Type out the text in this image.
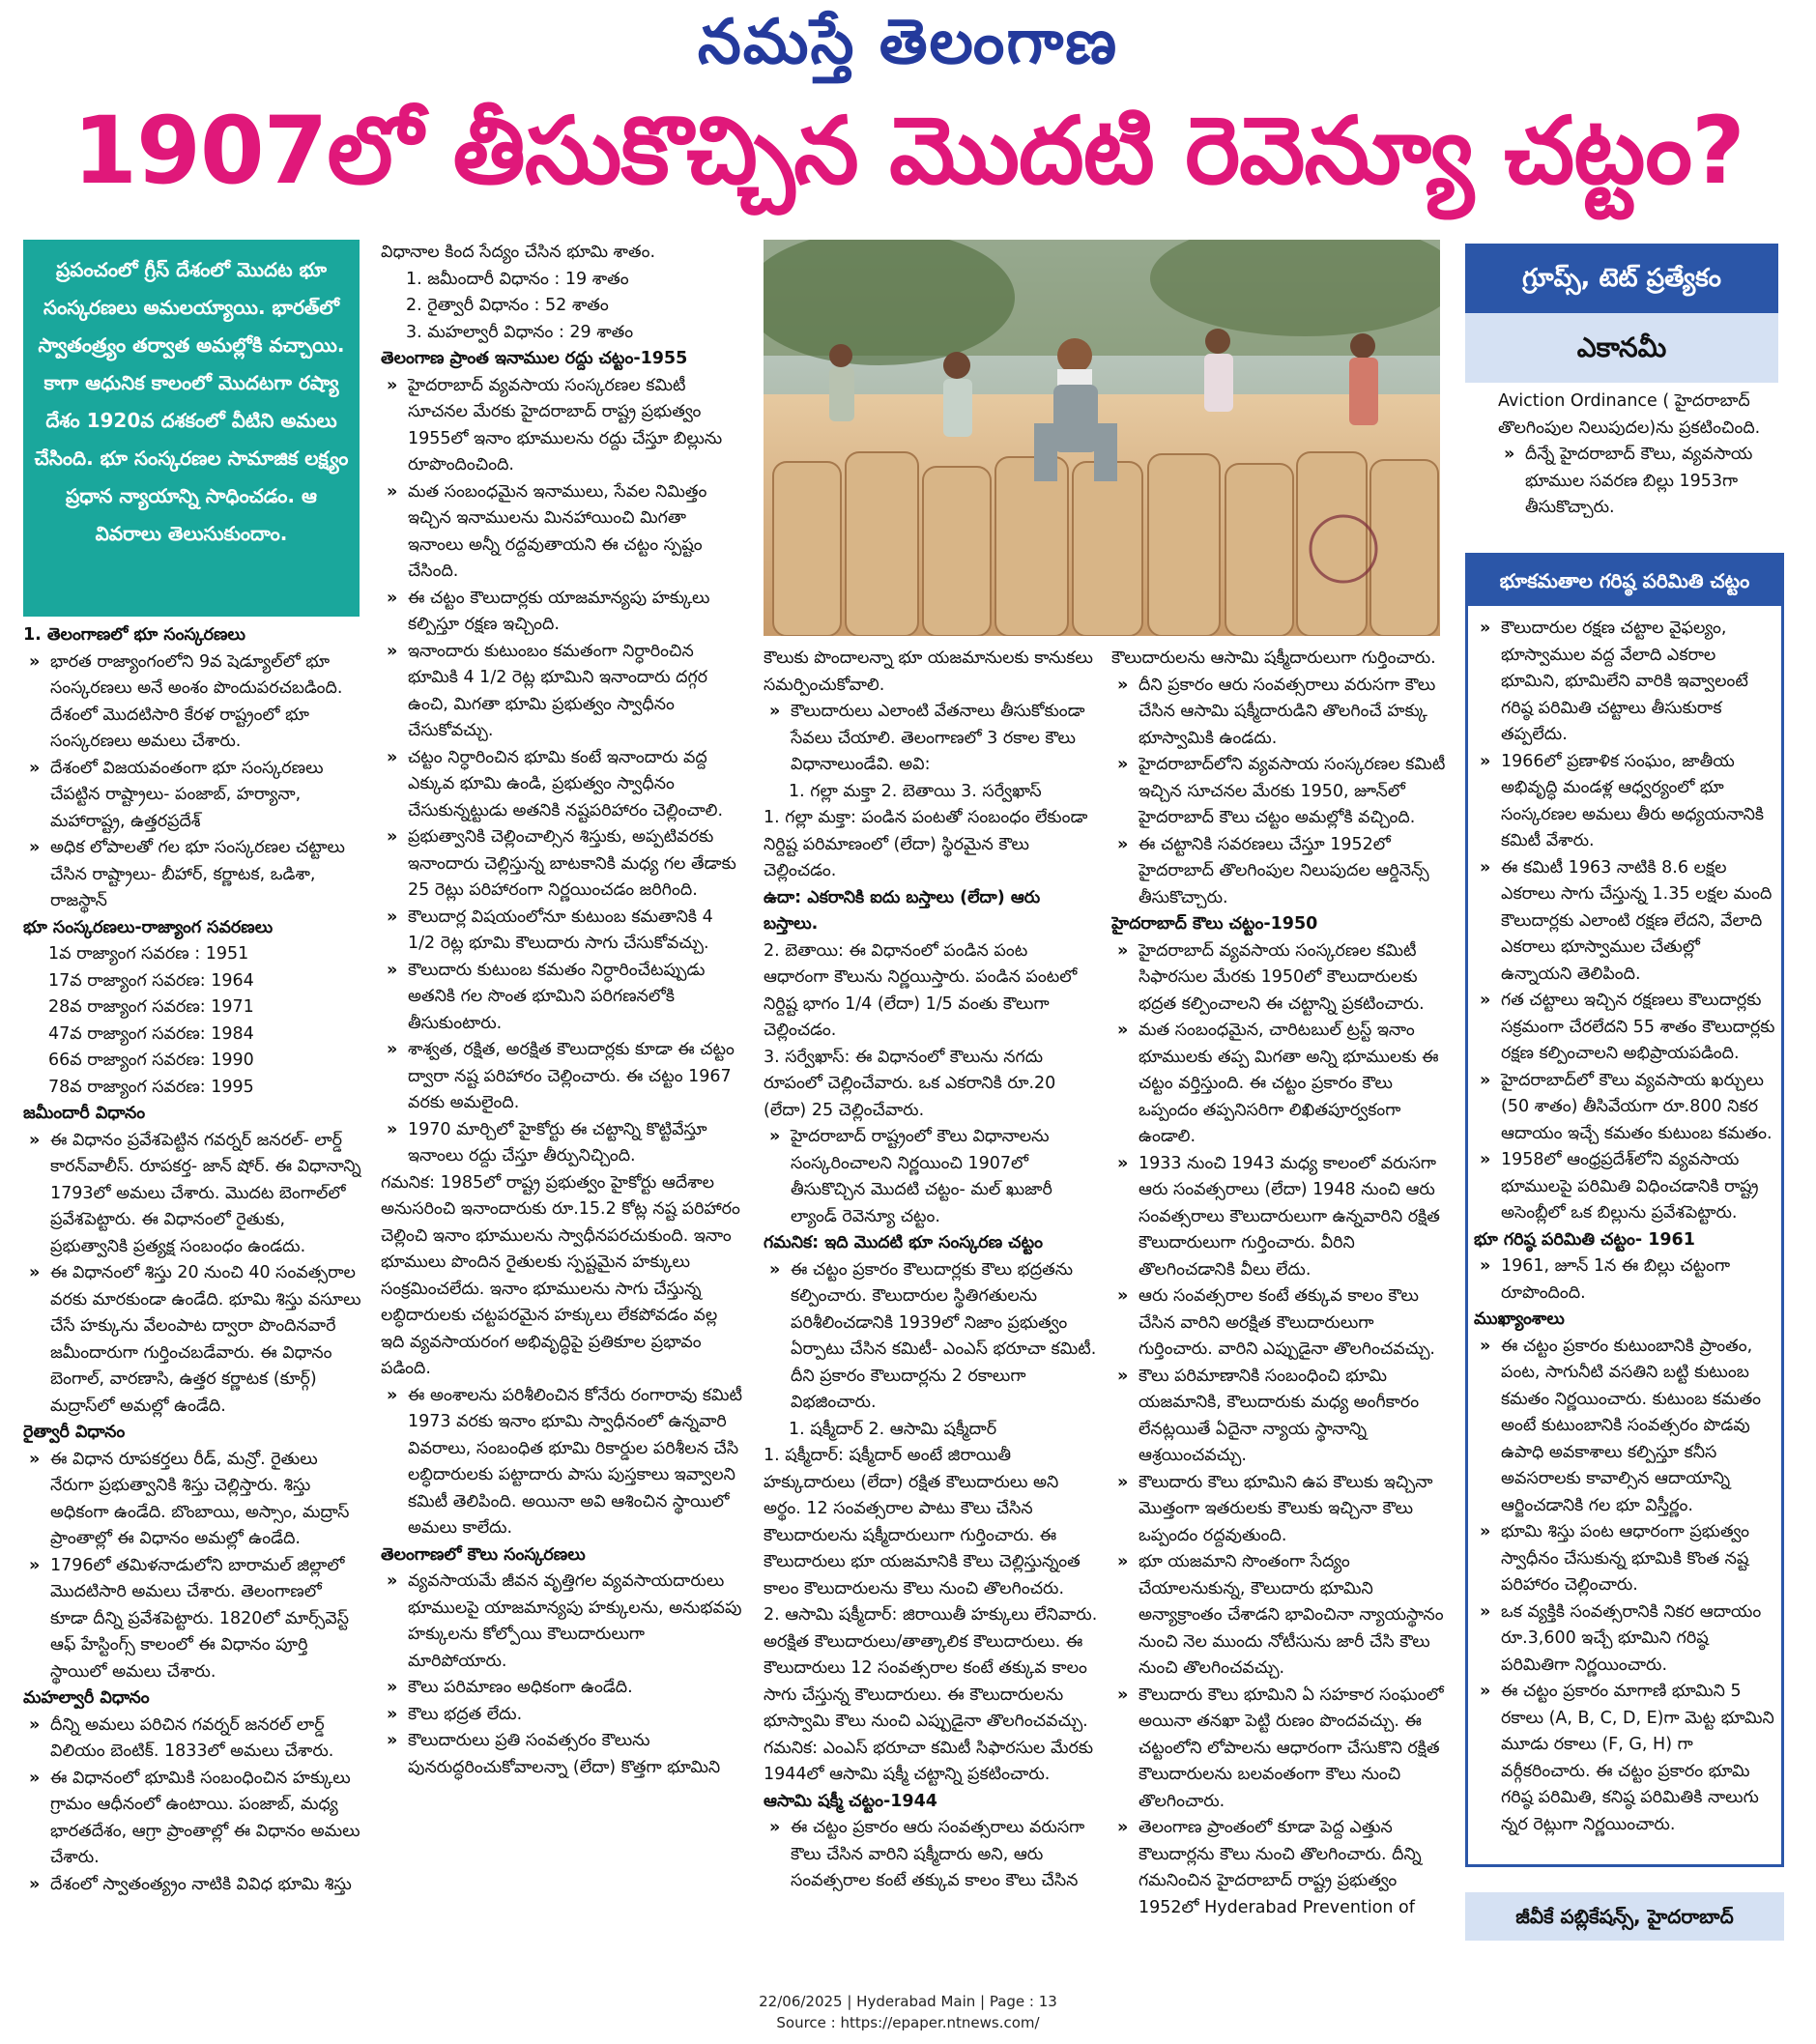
నమస్తే తెలంగాణ
1907లో తీసుకొచ్చిన మొదటి రెవెన్యూ చట్టం?
ప్రపంచంలో గ్రీస్ దేశంలో మొదట భూ సంస్కరణలు అమలయ్యాయి. భారత్‌లో స్వాతంత్ర్యం తర్వాత అమల్లోకి వచ్చాయి. కాగా ఆధునిక కాలంలో మొదటగా రష్యా దేశం 1920వ దశకంలో వీటిని అమలు చేసింది. భూ సంస్కరణల సామాజిక లక్ష్యం ప్రధాన న్యాయాన్ని సాధించడం. ఆ వివరాలు తెలుసుకుందాం.

1. తెలంగాణలో భూ సంస్కరణలు

» భారత రాజ్యాంగంలోని 9వ షెడ్యూల్‌లో భూ సంస్కరణలు అనే అంశం పొందుపరచబడింది. దేశంలో మొదటిసారి కేరళ రాష్ట్రంలో భూ సంస్కరణలు అమలు చేశారు.

» దేశంలో విజయవంతంగా భూ సంస్కరణలు చేపట్టిన రాష్ట్రాలు- పంజాబ్, హర్యానా, మహారాష్ట్ర, ఉత్తరప్రదేశ్

» అధిక లోపాలతో గల భూ సంస్కరణల చట్టాలు చేసిన రాష్ట్రాలు- బీహార్, కర్ణాటక, ఒడిశా, రాజస్థాన్

భూ సంస్కరణలు-రాజ్యాంగ సవరణలు

1వ రాజ్యాంగ సవరణ : 1951

17వ రాజ్యాంగ సవరణ: 1964

28వ రాజ్యాంగ సవరణ: 1971

47వ రాజ్యాంగ సవరణ: 1984

66వ రాజ్యాంగ సవరణ: 1990

78వ రాజ్యాంగ సవరణ: 1995

జమీందారీ విధానం

» ఈ విధానం ప్రవేశపెట్టిన గవర్నర్ జనరల్- లార్డ్ కారన్‌వాలీస్. రూపకర్త- జాన్ షోర్. ఈ విధానాన్ని 1793లో అమలు చేశారు. మొదట బెంగాల్‌లో ప్రవేశపెట్టారు. ఈ విధానంలో రైతుకు, ప్రభుత్వానికి ప్రత్యక్ష సంబంధం ఉండదు.

» ఈ విధానంలో శిస్తు 20 నుంచి 40 సంవత్సరాల వరకు మారకుండా ఉండేది. భూమి శిస్తు వసూలు చేసే హక్కును వేలంపాట ద్వారా పొందినవారే జమీందారుగా గుర్తించబడేవారు. ఈ విధానం బెంగాల్, వారణాసి, ఉత్తర కర్ణాటక (కూర్గ్) మద్రాస్‌లో అమల్లో ఉండేది.

రైత్వారీ విధానం

» ఈ విధాన రూపకర్తలు రీడ్, మన్రో. రైతులు నేరుగా ప్రభుత్వానికి శిస్తు చెల్లిస్తారు. శిస్తు అధికంగా ఉండేది. బొంబాయి, అస్సాం, మద్రాస్ ప్రాంతాల్లో ఈ విధానం అమల్లో ఉండేది.

» 1796లో తమిళనాడులోని బారామల్ జిల్లాలో మొదటిసారి అమలు చేశారు. తెలంగాణలో కూడా దీన్ని ప్రవేశపెట్టారు. 1820లో మార్స్‌వెస్ట్ ఆఫ్ హేస్టింగ్స్ కాలంలో ఈ విధానం పూర్తి స్థాయిలో అమలు చేశారు.

మహల్వారీ విధానం

» దీన్ని అమలు పరిచిన గవర్నర్ జనరల్ లార్డ్ విలియం బెంటిక్. 1833లో అమలు చేశారు.

» ఈ విధానంలో భూమికి సంబంధించిన హక్కులు గ్రామం ఆధీనంలో ఉంటాయి. పంజాబ్, మధ్య భారతదేశం, ఆగ్రా ప్రాంతాల్లో ఈ విధానం అమలు చేశారు.

» దేశంలో స్వాతంత్య్రం నాటికి వివిధ భూమి శిస్తు

విధానాల కింద సేద్యం చేసిన భూమి శాతం.

1. జమీందారీ విధానం : 19 శాతం

2. రైత్వారీ విధానం : 52 శాతం

3. మహల్వారీ విధానం : 29 శాతం

తెలంగాణ ప్రాంత ఇనాముల రద్దు చట్టం-1955

» హైదరాబాద్ వ్యవసాయ సంస్కరణల కమిటీ సూచనల మేరకు హైదరాబాద్ రాష్ట్ర ప్రభుత్వం 1955లో ఇనాం భూములను రద్దు చేస్తూ బిల్లును రూపొందించింది.

» మత సంబంధమైన ఇనాములు, సేవల నిమిత్తం ఇచ్చిన ఇనాములను మినహాయించి మిగతా ఇనాంలు అన్నీ రద్దవుతాయని ఈ చట్టం స్పష్టం చేసింది.

» ఈ చట్టం కౌలుదార్లకు యాజమాన్యపు హక్కులు కల్పిస్తూ రక్షణ ఇచ్చింది.

» ఇనాందారు కుటుంబం కమతంగా నిర్ధారించిన భూమికి 4 1/2 రెట్ల భూమిని ఇనాందారు దగ్గర ఉంచి, మిగతా భూమి ప్రభుత్వం స్వాధీనం చేసుకోవచ్చు.

» చట్టం నిర్ధారించిన భూమి కంటే ఇనాందారు వద్ద ఎక్కువ భూమి ఉండి, ప్రభుత్వం స్వాధీనం చేసుకున్నట్టుడు అతనికి నష్టపరిహారం చెల్లించాలి.

» ప్రభుత్వానికి చెల్లించాల్సిన శిస్తుకు, అప్పటివరకు ఇనాందారు చెల్లిస్తున్న బాటకానికి మధ్య గల తేడాకు 25 రెట్లు పరిహారంగా నిర్ణయించడం జరిగింది.

» కౌలుదార్ల విషయంలోనూ కుటుంబ కమతానికి 4 1/2 రెట్ల భూమి కౌలుదారు సాగు చేసుకోవచ్చు.

» కౌలుదారు కుటుంబ కమతం నిర్ధారించేటప్పుడు అతనికి గల సొంత భూమిని పరిగణనలోకి తీసుకుంటారు.

» శాశ్వత, రక్షిత, అరక్షిత కౌలుదార్లకు కూడా ఈ చట్టం ద్వారా నష్ట పరిహారం చెల్లించారు. ఈ చట్టం 1967 వరకు అమలైంది.

» 1970 మార్చిలో హైకోర్టు ఈ చట్టాన్ని కొట్టివేస్తూ ఇనాంలు రద్దు చేస్తూ తీర్పునిచ్చింది.

గమనిక: 1985లో రాష్ట్ర ప్రభుత్వం హైకోర్టు ఆదేశాల అనుసరించి ఇనాందారుకు రూ.15.2 కోట్ల నష్ట పరిహారం చెల్లించి ఇనాం భూములను స్వాధీనపరచుకుంది. ఇనాం భూములు పొందిన రైతులకు స్పష్టమైన హక్కులు సంక్రమించలేదు. ఇనాం భూములను సాగు చేస్తున్న లబ్ధిదారులకు చట్టపరమైన హక్కులు లేకపోవడం వల్ల ఇది వ్యవసాయరంగ అభివృద్ధిపై ప్రతికూల ప్రభావం పడింది.

» ఈ అంశాలను పరిశీలించిన కోనేరు రంగారావు కమిటీ 1973 వరకు ఇనాం భూమి స్వాధీనంలో ఉన్నవారి వివరాలు, సంబంధిత భూమి రికార్డుల పరిశీలన చేసి లబ్ధిదారులకు పట్టాదారు పాసు పుస్తకాలు ఇవ్వాలని కమిటీ తెలిపింది. అయినా అవి ఆశించిన స్థాయిలో అమలు కాలేదు.

తెలంగాణలో కౌలు సంస్కరణలు

» వ్యవసాయమే జీవన వృత్తిగల వ్యవసాయదారులు భూములపై యాజమాన్యపు హక్కులను, అనుభవపు హక్కులను కోల్పోయి కౌలుదారులుగా మారిపోయారు.

» కౌలు పరిమాణం అధికంగా ఉండేది.

» కౌలు భద్రత లేదు.

» కౌలుదారులు ప్రతి సంవత్సరం కౌలును పునరుద్ధరించుకోవాలన్నా (లేదా) కొత్తగా భూమిని

కౌలుకు పొందాలన్నా భూ యజమానులకు కానుకలు సమర్పించుకోవాలి.

» కౌలుదారులు ఎలాంటి వేతనాలు తీసుకోకుండా సేవలు చేయాలి. తెలంగాణలో 3 రకాల కౌలు విధానాలుండేవి. అవి:

1. గల్లా మక్తా 2. బెతాయి 3. సర్వేఖాస్

1. గల్లా మక్తా: పండిన పంటతో సంబంధం లేకుండా నిర్దిష్ట పరిమాణంలో (లేదా) స్థిరమైన కౌలు చెల్లించడం.

ఉదా: ఎకరానికి ఐదు బస్తాలు (లేదా) ఆరు బస్తాలు.

2. బెతాయి: ఈ విధానంలో పండిన పంట ఆధారంగా కౌలును నిర్ణయిస్తారు. పండిన పంటలో నిర్దిష్ట భాగం 1/4 (లేదా) 1/5 వంతు కౌలుగా చెల్లించడం.

3. సర్వేఖాస్: ఈ విధానంలో కౌలును నగదు రూపంలో చెల్లించేవారు. ఒక ఎకరానికి రూ.20 (లేదా) 25 చెల్లించేవారు.

» హైదరాబాద్ రాష్ట్రంలో కౌలు విధానాలను సంస్కరించాలని నిర్ణయించి 1907లో తీసుకొచ్చిన మొదటి చట్టం- మల్ ఖుజారీ ల్యాండ్ రెవెన్యూ చట్టం.

గమనిక: ఇది మొదటి భూ సంస్కరణ చట్టం

» ఈ చట్టం ప్రకారం కౌలుదార్లకు కౌలు భద్రతను కల్పించారు. కౌలుదారుల స్థితిగతులను పరిశీలించడానికి 1939లో నిజాం ప్రభుత్వం ఏర్పాటు చేసిన కమిటీ- ఎంఎస్ భరూచా కమిటీ. దీని ప్రకారం కౌలుదార్లను 2 రకాలుగా విభజించారు.

1. షక్మీదార్ 2. ఆసామి షక్మీదార్

1. షక్మీదార్: షక్మీదార్ అంటే జిరాయితీ హక్కుదారులు (లేదా) రక్షిత కౌలుదారులు అని అర్థం. 12 సంవత్సరాల పాటు కౌలు చేసిన కౌలుదారులను షక్మీదారులుగా గుర్తించారు. ఈ కౌలుదారులు భూ యజమానికి కౌలు చెల్లిస్తున్నంత కాలం కౌలుదారులను కౌలు నుంచి తొలగించరు.

2. ఆసామి షక్మీదార్: జిరాయితీ హక్కులు లేనివారు. అరక్షిత కౌలుదారులు/తాత్కాలిక కౌలుదారులు. ఈ కౌలుదారులు 12 సంవత్సరాల కంటే తక్కువ కాలం సాగు చేస్తున్న కౌలుదారులు. ఈ కౌలుదారులను భూస్వామి కౌలు నుంచి ఎప్పుడైనా తొలగించవచ్చు.

గమనిక: ఎంఎస్ భరూచా కమిటీ సిఫారసుల మేరకు 1944లో ఆసామి షక్మీ చట్టాన్ని ప్రకటించారు.

ఆసామి షక్మీ చట్టం-1944

» ఈ చట్టం ప్రకారం ఆరు సంవత్సరాలు వరుసగా కౌలు చేసిన వారిని షక్మీదారు అని, ఆరు సంవత్సరాల కంటే తక్కువ కాలం కౌలు చేసిన

కౌలుదారులను ఆసామి షక్మీదారులుగా గుర్తించారు.

» దీని ప్రకారం ఆరు సంవత్సరాలు వరుసగా కౌలు చేసిన ఆసామి షక్మీదారుడిని తొలగించే హక్కు భూస్వామికి ఉండదు.

» హైదరాబాద్‌లోని వ్యవసాయ సంస్కరణల కమిటీ ఇచ్చిన సూచనల మేరకు 1950, జూన్‌లో హైదరాబాద్ కౌలు చట్టం అమల్లోకి వచ్చింది.

» ఈ చట్టానికి సవరణలు చేస్తూ 1952లో హైదరాబాద్ తొలగింపుల నిలుపుదల ఆర్డినెన్స్ తీసుకొచ్చారు.

హైదరాబాద్ కౌలు చట్టం-1950

» హైదరాబాద్ వ్యవసాయ సంస్కరణల కమిటీ సిఫారసుల మేరకు 1950లో కౌలుదారులకు భద్రత కల్పించాలని ఈ చట్టాన్ని ప్రకటించారు.

» మత సంబంధమైన, చారిటబుల్ ట్రస్ట్ ఇనాం భూములకు తప్ప మిగతా అన్ని భూములకు ఈ చట్టం వర్తిస్తుంది. ఈ చట్టం ప్రకారం కౌలు ఒప్పందం తప్పనిసరిగా లిఖితపూర్వకంగా ఉండాలి.

» 1933 నుంచి 1943 మధ్య కాలంలో వరుసగా ఆరు సంవత్సరాలు (లేదా) 1948 నుంచి ఆరు సంవత్సరాలు కౌలుదారులుగా ఉన్నవారిని రక్షిత కౌలుదారులుగా గుర్తించారు. వీరిని తొలగించడానికి వీలు లేదు.

» ఆరు సంవత్సరాల కంటే తక్కువ కాలం కౌలు చేసిన వారిని అరక్షిత కౌలుదారులుగా గుర్తించారు. వారిని ఎప్పుడైనా తొలగించవచ్చు.

» కౌలు పరిమాణానికి సంబంధించి భూమి యజమానికి, కౌలుదారుకు మధ్య అంగీకారం లేనట్లయితే ఏదైనా న్యాయ స్థానాన్ని ఆశ్రయించవచ్చు.

» కౌలుదారు కౌలు భూమిని ఉప కౌలుకు ఇచ్చినా మొత్తంగా ఇతరులకు కౌలుకు ఇచ్చినా కౌలు ఒప్పందం రద్దవుతుంది.

» భూ యజమాని సొంతంగా సేద్యం చేయాలనుకున్న, కౌలుదారు భూమిని అన్యాక్రాంతం చేశాడని భావించినా న్యాయస్థానం నుంచి నెల ముందు నోటీసును జారీ చేసి కౌలు నుంచి తొలగించవచ్చు.

» కౌలుదారు కౌలు భూమిని ఏ సహకార సంఘంలో అయినా తనఖా పెట్టి రుణం పొందవచ్చు. ఈ చట్టంలోని లోపాలను ఆధారంగా చేసుకొని రక్షిత కౌలుదారులను బలవంతంగా కౌలు నుంచి తొలగించారు.

» తెలంగాణ ప్రాంతంలో కూడా పెద్ద ఎత్తున కౌలుదార్లను కౌలు నుంచి తొలగించారు. దీన్ని గమనించిన హైదరాబాద్ రాష్ట్ర ప్రభుత్వం 1952లో Hyderabad Prevention of

గ్రూప్స్, టెట్ ప్రత్యేకం
ఎకానమీ

Aviction Ordinance ( హైదరాబాద్ తొలగింపుల నిలుపుదల)ను ప్రకటించింది.

» దీన్నే హైదరాబాద్ కౌలు, వ్యవసాయ భూముల సవరణ బిల్లు 1953గా తీసుకొచ్చారు.

భూకమతాల గరిష్ఠ పరిమితి చట్టం

» కౌలుదారుల రక్షణ చట్టాల వైఫల్యం, భూస్వాముల వద్ద వేలాది ఎకరాల భూమిని, భూమిలేని వారికి ఇవ్వాలంటే గరిష్ఠ పరిమితి చట్టాలు తీసుకురాక తప్పలేదు.

» 1966లో ప్రణాళిక సంఘం, జాతీయ అభివృద్ధి మండళ్ల ఆధ్వర్యంలో భూ సంస్కరణల అమలు తీరు అధ్యయనానికి కమిటీ వేశారు.

» ఈ కమిటీ 1963 నాటికి 8.6 లక్షల ఎకరాలు సాగు చేస్తున్న 1.35 లక్షల మంది కౌలుదార్లకు ఎలాంటి రక్షణ లేదని, వేలాది ఎకరాలు భూస్వాముల చేతుల్లో ఉన్నాయని తెలిపింది.

» గత చట్టాలు ఇచ్చిన రక్షణలు కౌలుదార్లకు సక్రమంగా చేరలేదని 55 శాతం కౌలుదార్లకు రక్షణ కల్పించాలని అభిప్రాయపడింది.

» హైదరాబాద్‌లో కౌలు వ్యవసాయ ఖర్చులు (50 శాతం) తీసివేయగా రూ.800 నికర ఆదాయం ఇచ్చే కమతం కుటుంబ కమతం.

» 1958లో ఆంధ్రప్రదేశ్‌లోని వ్యవసాయ భూములపై పరిమితి విధించడానికి రాష్ట్ర అసెంబ్లీలో ఒక బిల్లును ప్రవేశపెట్టారు.

భూ గరిష్ఠ పరిమితి చట్టం- 1961

» 1961, జూన్ 1న ఈ బిల్లు చట్టంగా రూపొందింది.

ముఖ్యాంశాలు

» ఈ చట్టం ప్రకారం కుటుంబానికి ప్రాంతం, పంట, సాగునీటి వసతిని బట్టి కుటుంబ కమతం నిర్ణయించారు. కుటుంబ కమతం అంటే కుటుంబానికి సంవత్సరం పొడవు ఉపాధి అవకాశాలు కల్పిస్తూ కనీస అవసరాలకు కావాల్సిన ఆదాయాన్ని ఆర్జించడానికి గల భూ విస్తీర్ణం.

» భూమి శిస్తు పంట ఆధారంగా ప్రభుత్వం స్వాధీనం చేసుకున్న భూమికి కొంత నష్ట పరిహారం చెల్లించారు.

» ఒక వ్యక్తికి సంవత్సరానికి నికర ఆదాయం రూ.3,600 ఇచ్చే భూమిని గరిష్ఠ పరిమితిగా నిర్ణయించారు.

» ఈ చట్టం ప్రకారం మాగాణి భూమిని 5 రకాలు (A, B, C, D, E)గా మెట్ట భూమిని మూడు రకాలు (F, G, H) గా వర్గీకరించారు. ఈ చట్టం ప్రకారం భూమి గరిష్ఠ పరిమితి, కనిష్ఠ పరిమితికి నాలుగు న్నర రెట్లుగా నిర్ణయించారు.

జీవీకే పబ్లికేషన్స్, హైదరాబాద్
22/06/2025 | Hyderabad Main | Page : 13
Source : https://epaper.ntnews.com/
